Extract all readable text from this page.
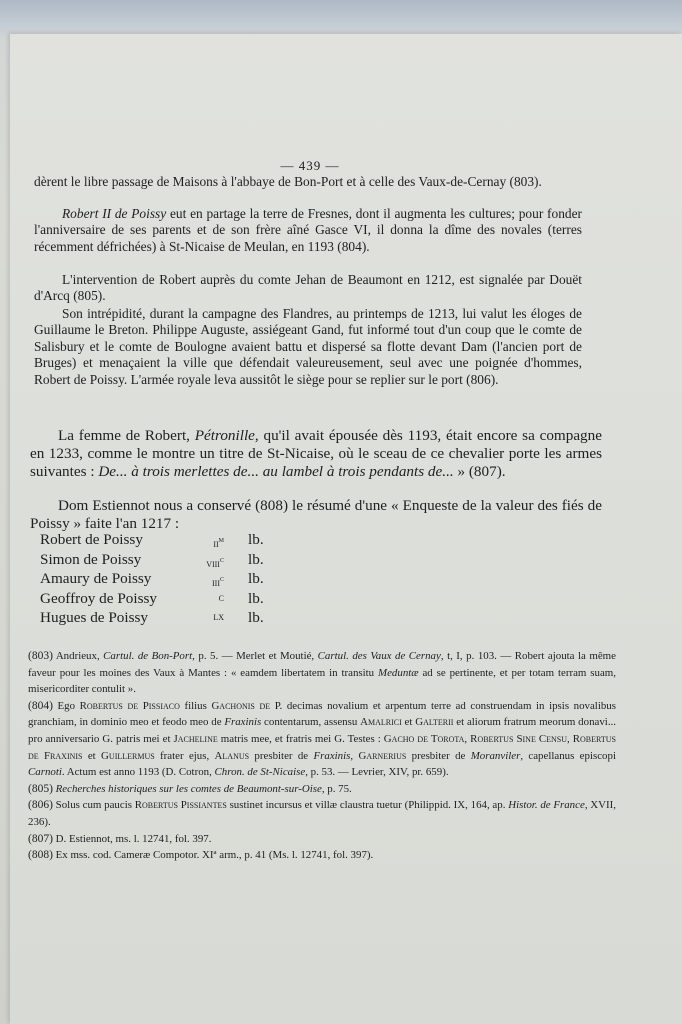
— 439 —
dèrent le libre passage de Maisons à l'abbaye de Bon-Port et à celle des Vaux-de-Cernay (803).
Robert II de Poissy eut en partage la terre de Fresnes, dont il augmenta les cultures; pour fonder l'anniversaire de ses parents et de son frère aîné Gasce VI, il donna la dîme des novales (terres récemment défrichées) à St-Nicaise de Meulan, en 1193 (804).
L'intervention de Robert auprès du comte Jehan de Beaumont en 1212, est signalée par Douët d'Arcq (805).
Son intrépidité, durant la campagne des Flandres, au printemps de 1213, lui valut les éloges de Guillaume le Breton. Philippe Auguste, assiégeant Gand, fut informé tout d'un coup que le comte de Salisbury et le comte de Boulogne avaient battu et dispersé sa flotte devant Dam (l'ancien port de Bruges) et menaçaient la ville que défendait valeureusement, seul avec une poignée d'hommes, Robert de Poissy. L'armée royale leva aussitôt le siège pour se replier sur le port (806).
La femme de Robert, Pétronille, qu'il avait épousée dès 1193, était encore sa compagne en 1233, comme le montre un titre de St-Nicaise, où le sceau de ce chevalier porte les armes suivantes : De... à trois merlettes de... au lambel à trois pendants de... » (807).
Dom Estiennot nous a conservé (808) le résumé d'une « Enqueste de la valeur des fiés de Poissy » faite l'an 1217 :
Robert de Poissy	$ii^m$ lb.
Simon de Poissy	viii$^c$ lb.
Amaury de Poissy	iii$^c$ lb.
Geoffroy de Poissy	c lb.
Hugues de Poissy	lx lb.

(803) Andrieux, Cartul. de Bon-Port, p. 5. — Merlet et Moutié, Cartul. des Vaux de Cernay, t, I, p. 103. — Robert ajouta la même faveur pour les moines des Vaux à Mantes : « eamdem libertatem in transitu Meduntæ ad se pertinente, et per totam terram suam, misericorditer contulit ».

(804) Ego Robertus de Pissiaco filius Gachonis de P. decimas novalium et arpentum terre ad construendam in ipsis novalibus granchiam, in dominio meo et feodo meo de Fraxinis contentarum, assensu Amalrici et Galterii et aliorum fratrum meorum donavi... pro anniversario G. patris mei et Jacheline matris mee, et fratris mei G. Testes : Gacho de Torota, Robertus Sine Censu, Robertus de Fraxinis et Guillermus frater ejus, Alanus presbiter de Fraxinis, Garnerius presbiter de Moranviler, capellanus episcopi Carnoti. Actum est anno 1193 (D. Cotron, Chron. de St-Nicaise, p. 53. — Levrier, XIV, pr. 659).

(805) Recherches historiques sur les comtes de Beaumont-sur-Oise, p. 75.

(806) Solus cum paucis Robertus Pissiantes sustinet incursus et villæ claustra tuetur (Philippid. IX, 164, ap. Histor. de France, XVII, 236).

(807) D. Estiennot, ms. l. 12741, fol. 397.

(808) Ex mss. cod. Cameræ Compotor. XIª arm., p. 41 (Ms. l. 12741, fol. 397).
